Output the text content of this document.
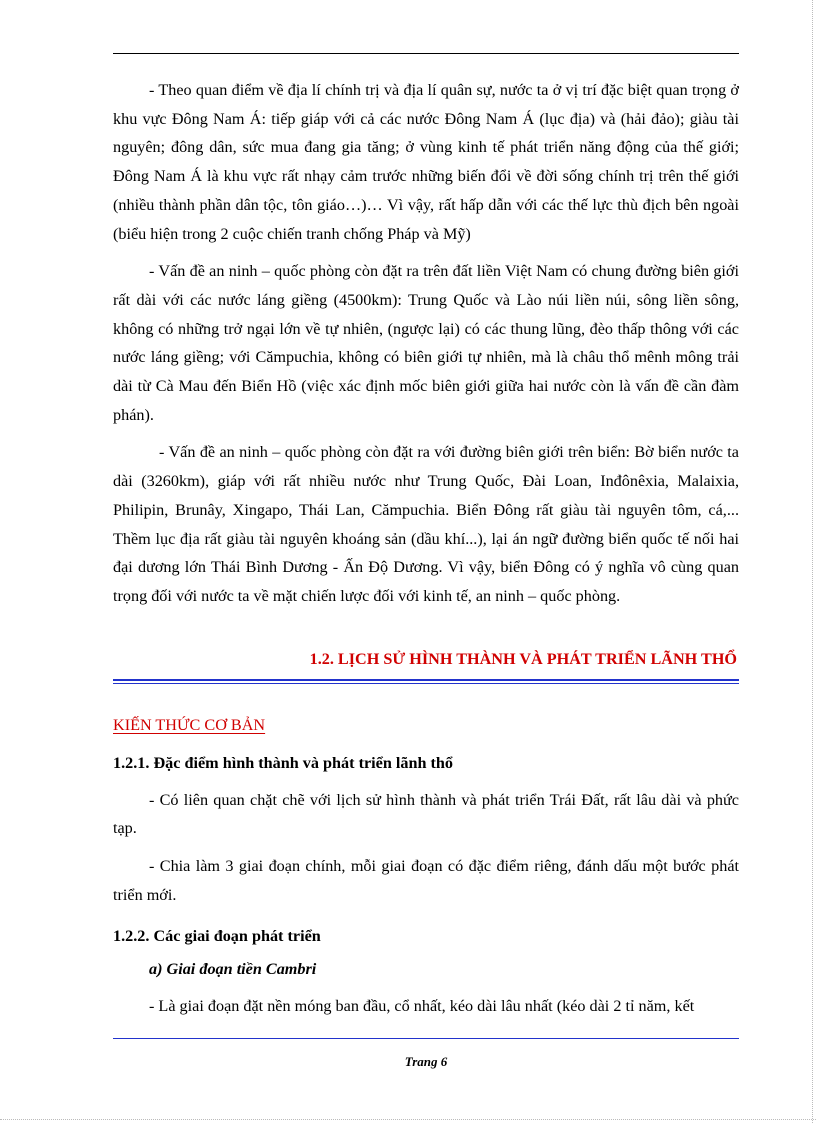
- Theo quan điểm về địa lí chính trị và địa lí quân sự, nước ta ở vị trí đặc biệt quan trọng ở khu vực Đông Nam Á: tiếp giáp với cả các nước Đông Nam Á (lục địa) và (hải đảo); giàu tài nguyên; đông dân, sức mua đang gia tăng; ở vùng kinh tế phát triển năng động của thế giới; Đông Nam Á là khu vực rất nhạy cảm trước những biến đổi về đời sống chính trị trên thế giới (nhiều thành phần dân tộc, tôn giáo…)… Vì vậy, rất hấp dẫn với các thế lực thù địch bên ngoài (biểu hiện trong 2 cuộc chiến tranh chống Pháp và Mỹ)

- Vấn đề an ninh – quốc phòng còn đặt ra trên đất liền Việt Nam có chung đường biên giới rất dài với các nước láng giềng (4500km): Trung Quốc và Lào núi liền núi, sông liền sông, không có những trở ngại lớn về tự nhiên, (ngược lại) có các thung lũng, đèo thấp thông với các nước láng giềng; với Cămpuchia, không có biên giới tự nhiên, mà là châu thổ mênh mông trải dài từ Cà Mau đến Biển Hồ (việc xác định mốc biên giới giữa hai nước còn là vấn đề cần đàm phán).

- Vấn đề an ninh – quốc phòng còn đặt ra với đường biên giới trên biển: Bờ biển nước ta dài (3260km), giáp với rất nhiều nước như Trung Quốc, Đài Loan, Inđônêxia, Malaixia, Philipin, Brunây, Xingapo, Thái Lan, Cămpuchia. Biển Đông rất giàu tài nguyên tôm, cá,... Thềm lục địa rất giàu tài nguyên khoáng sản (dầu khí...), lại án ngữ đường biển quốc tế nối hai đại dương lớn Thái Bình Dương - Ấn Độ Dương. Vì vậy, biển Đông có ý nghĩa vô cùng quan trọng đối với nước ta về mặt chiến lược đối với kinh tế, an ninh – quốc phòng.

1.2. LỊCH SỬ HÌNH THÀNH VÀ PHÁT TRIỂN LÃNH THỔ
KIẾN THỨC CƠ BẢN

1.2.1. Đặc điểm hình thành và phát triển lãnh thổ

- Có liên quan chặt chẽ với lịch sử hình thành và phát triển Trái Đất, rất lâu dài và phức tạp.

- Chia làm 3 giai đoạn chính, mỗi giai đoạn có đặc điểm riêng, đánh dấu một bước phát triển mới.

1.2.2. Các giai đoạn phát triển

a) Giai đoạn tiền Cambri

- Là giai đoạn đặt nền móng ban đầu, cổ nhất, kéo dài lâu nhất (kéo dài 2 tỉ năm, kết

Trang 6
